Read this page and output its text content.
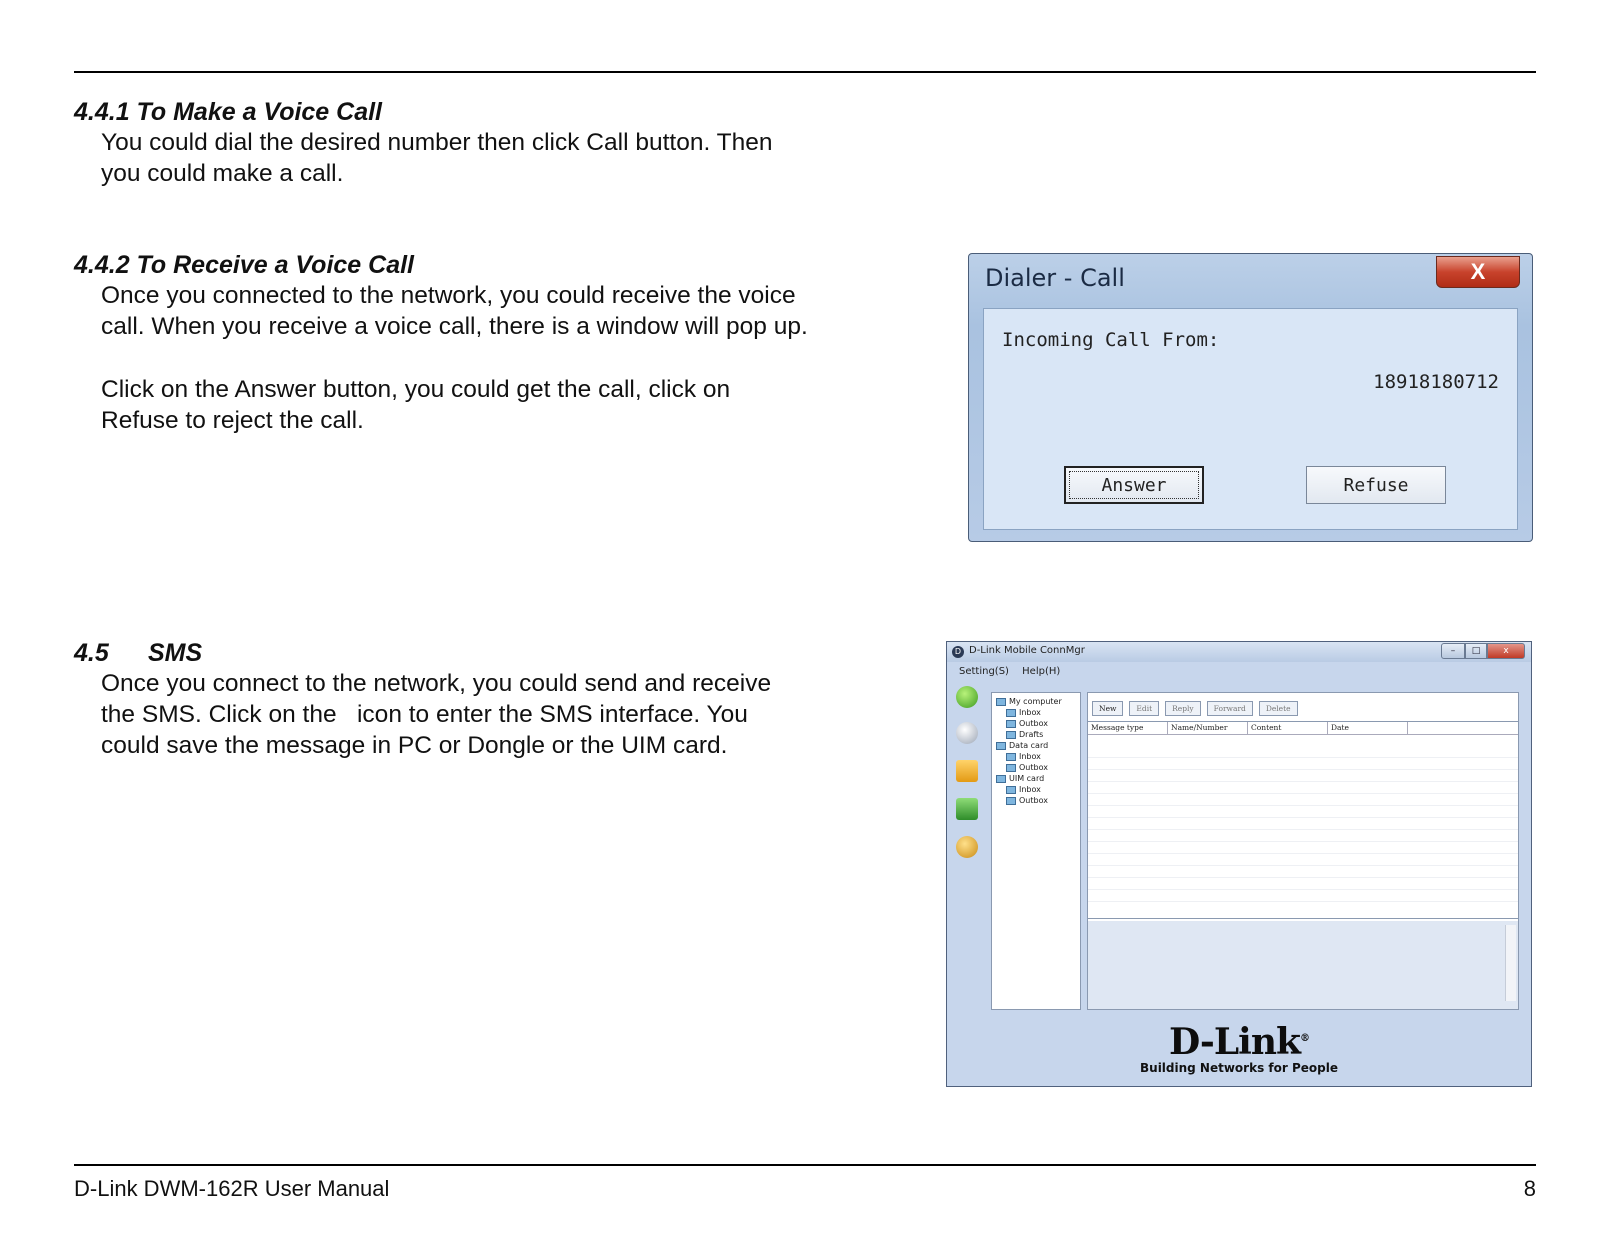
4.4.1 To Make a Voice Call

You could dial the desired number then click Call button. Then
you could make a call.

4.4.2 To Receive a Voice Call

Once you connected to the network, you could receive the voice
call. When you receive a voice call, there is a window will pop up.

Click on the Answer button, you could get the call, click on
Refuse to reject the call.

4.5 SMS

Once you connect to the network, you could send and receive
the SMS. Click on the   icon to enter the SMS interface. You
could save the message in PC or Dongle or the UIM card.

Dialer - Call	X
Incoming Call From:
18918180712
Answer	Refuse
D D-Link Mobile ConnMgr	–	□	x
Setting(S) Help(H)
My computer
Inbox
Outbox
Drafts
Data card
Inbox
Outbox
UIM card
Inbox
Outbox
New	Edit	Reply	Forward	Delete
Message type	Name/Number	Content	Date
D-Link®
Building Networks for People
D-Link DWM-162R User Manual	8
